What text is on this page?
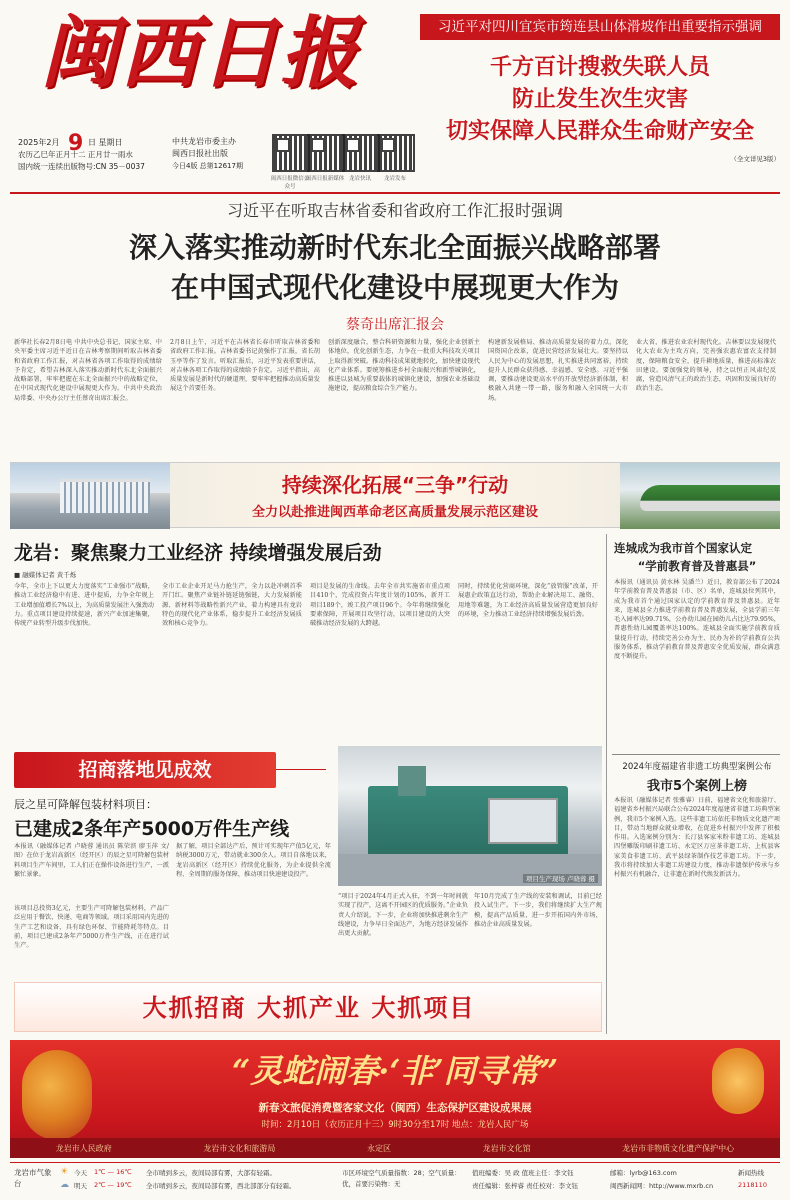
闽西日报
2025年2月 9 日 星期日
农历乙巳年正月十二 正月廿一雨水
国内统一连续出版物号:CN 35－0037
中共龙岩市委主办
闽西日报社出版
今日4版 总第12617期
闽西日报微信公众号
闽西日报新媒体 龙岩快讯	龙岩发布
习近平对四川宜宾市筠连县山体滑坡作出重要指示强调
千方百计搜救失联人员
防止发生次生灾害
切实保障人民群众生命财产安全
（全文详见3版）
习近平在听取吉林省委和省政府工作汇报时强调
深入落实推动新时代东北全面振兴战略部署
在中国式现代化建设中展现更大作为
蔡奇出席汇报会
新华社长春2月8日电 中共中央总书记、国家主席、中央军委主席习近平近日在吉林考察期间听取吉林省委和省政府工作汇报，对吉林省各项工作取得的成绩给予肯定，希望吉林深入落实推动新时代东北全面振兴战略部署，牢牢把握在东北全面振兴中的战略定位，在中国式现代化建设中展现更大作为。中共中央政治局常委、中央办公厅主任蔡奇出席汇报会。
2月8日上午，习近平在吉林省长春市听取吉林省委和省政府工作汇报。吉林省委书记黄强作了汇报，省长胡玉亭等作了发言。听取汇报后，习近平发表重要讲话，对吉林各项工作取得的成绩给予肯定。习近平指出，高质量发展是新时代的硬道理，要牢牢把握推动高质量发展这个首要任务。
创新深度融合，整合科研资源和力量，强化企业创新主体地位，优化创新生态，力争在一批重大科技攻关项目上取得新突破。推动科技成果就地转化，加快建设现代化产业体系。要统筹推进乡村全面振兴和新型城镇化，推进以县城为重要载体的城镇化建设，加强农业基础设施建设，提高粮食综合生产能力。
构建新发展格局、推动高质量发展的着力点，深化国资国企改革，促进民营经济发展壮大。要坚持以人民为中心的发展思想，扎实推进共同富裕，持续提升人民群众获得感、幸福感、安全感。习近平强调，要推动建设更高水平的开放型经济新体制，积极融入共建一带一路，服务和融入全国统一大市场。
业大省，推进农业农村现代化。吉林要以发展现代化大农业为主攻方向，完善强农惠农富农支持制度，保障粮食安全，提升耕地质量，推进高标准农田建设。要加强党的领导，持之以恒正风肃纪反腐，营造风清气正的政治生态，巩固和发展良好的政治生态。
持续深化拓展“三争”行动
全力以赴推进闽西革命老区高质量发展示范区建设
龙岩：聚焦聚力工业经济 持续增强发展后劲
■ 融媒体记者 黄千烁
今年，全市上下以更大力度落实“工业强市”战略，推动工业经济稳中有进、进中提质，力争全年规上工业增加值增长7%以上，为高质量发展注入强劲动力。重点项目建设持续提速，新兴产业加速集聚，传统产业转型升级步伐加快。
全市工业企业开足马力抢生产，全力以赴冲刺首季开门红。聚焦产业链补链延链强链，大力发展新能源、新材料等战略性新兴产业，着力构建具有龙岩特色的现代化产业体系，稳步提升工业经济发展质效和核心竞争力。
项目是发展的生命线。去年全市共实施省市重点项目410个，完成投资占年度计划的105%，新开工项目189个，竣工投产项目96个。今年将继续强化要素保障，开展项目攻坚行动，以项目建设的大突破推动经济发展的大跨越。
同时，持续优化营商环境，深化“放管服”改革，开展惠企政策直达行动，帮助企业解决用工、融资、用地等难题，为工业经济高质量发展营造更加良好的环境，全力推动工业经济持续增强发展后劲。
连城成为我市首个国家认定
“学前教育普及普惠县”
本报讯（通讯员 黄水林 吴潘兰）近日，教育部公布了2024年学前教育普及普惠县（市、区）名单，连城县位列其中，成为我市首个通过国家认定的学前教育普及普惠县。近年来，连城县全力推进学前教育普及普惠发展，全县学前三年毛入园率达99.71%，公办幼儿园在园幼儿占比达79.95%，普惠性幼儿园覆盖率达100%。连城县全面实施学前教育质量提升行动，持续完善公办为主、民办为补的学前教育公共服务体系，推动学前教育普及普惠安全优质发展，群众满意度不断提升。
2024年度福建省非遗工坊典型案例公布
我市5个案例上榜
本报讯（融媒体记者 张雅睿）日前，福建省文化和旅游厅、福建省乡村振兴局联合公布2024年度福建省非遗工坊典型案例，我市5个案例入选。这些非遗工坊依托非物质文化遗产项目，带动当地群众就业增收，在促进乡村振兴中发挥了积极作用。入选案例分别为：长汀县客家米粉非遗工坊、连城县四堡雕版印刷非遗工坊、永定区万应茶非遗工坊、上杭县客家美食非遗工坊、武平县绿茶制作技艺非遗工坊。下一步，我市将持续加大非遗工坊建设力度，推动非遗保护传承与乡村振兴有机融合，让非遗在新时代焕发新活力。
招商落地见成效
辰之星可降解包装材料项目：
已建成2条年产5000万件生产线
本报讯（融媒体记者 卢晓蓉 通讯员 陈荣滨 廖玉萍 文/图）在位于龙岩高新区（经开区）的辰之星可降解包装材料项目生产车间里，工人们正在操作设备进行生产，一派繁忙景象。
该项目总投资3亿元，主要生产可降解包装材料，产品广泛应用于餐饮、快递、电商等领域。项目采用国内先进的生产工艺和设备，具有绿色环保、节能降耗等特点。目前，项目已建成2条年产5000万件生产线，正在进行试生产。
据了解，项目全部达产后，预计可实现年产值5亿元，年纳税3000万元，带动就业300余人。项目自落地以来，龙岩高新区（经开区）持续优化服务，为企业提供全流程、全周期的服务保障，推动项目快速建设投产。
“项目于2024年4月正式入驻，不到一年时间就实现了投产，这离不开园区的优质服务。”企业负责人介绍说，下一步，企业将加快推进剩余生产线建设，力争早日全面达产，为地方经济发展作出更大贡献。
年10月完成了生产线的安装和调试，目前已经投入试生产。下一步，我们将继续扩大生产规模，提高产品质量，进一步开拓国内外市场，推动企业高质量发展。
项目生产现场 卢晓蓉 摄
大抓招商 大抓产业 大抓项目
“灵蛇闹春·‘非’同寻常”
新春文旅促消费暨客家文化（闽西）生态保护区建设成果展
时间：2月10日（农历正月十三）9时30分至17时 地点：龙岩人民广场
龙岩市人民政府	龙岩市文化和旅游局	永定区	龙岩市文化馆	龙岩市非物质文化遗产保护中心
龙岩市气象台
☀
☁
今天 1℃ — 16℃ 全市晴到多云，夜间局部有雾，大部有轻霜。
明天 2℃ — 19℃ 全市晴到多云，夜间局部有雾，西北部部分有轻霜。
市区环境空气质量指数：28；空气质量：优，首要污染物：无
值班编委：吴 政 值班主任：李文钰
责任编辑：张梓睿 责任校对：李文钰
邮箱：lyrb@163.com
闽西新闻网：http://www.mxrb.cn
新闻热线
2118110
